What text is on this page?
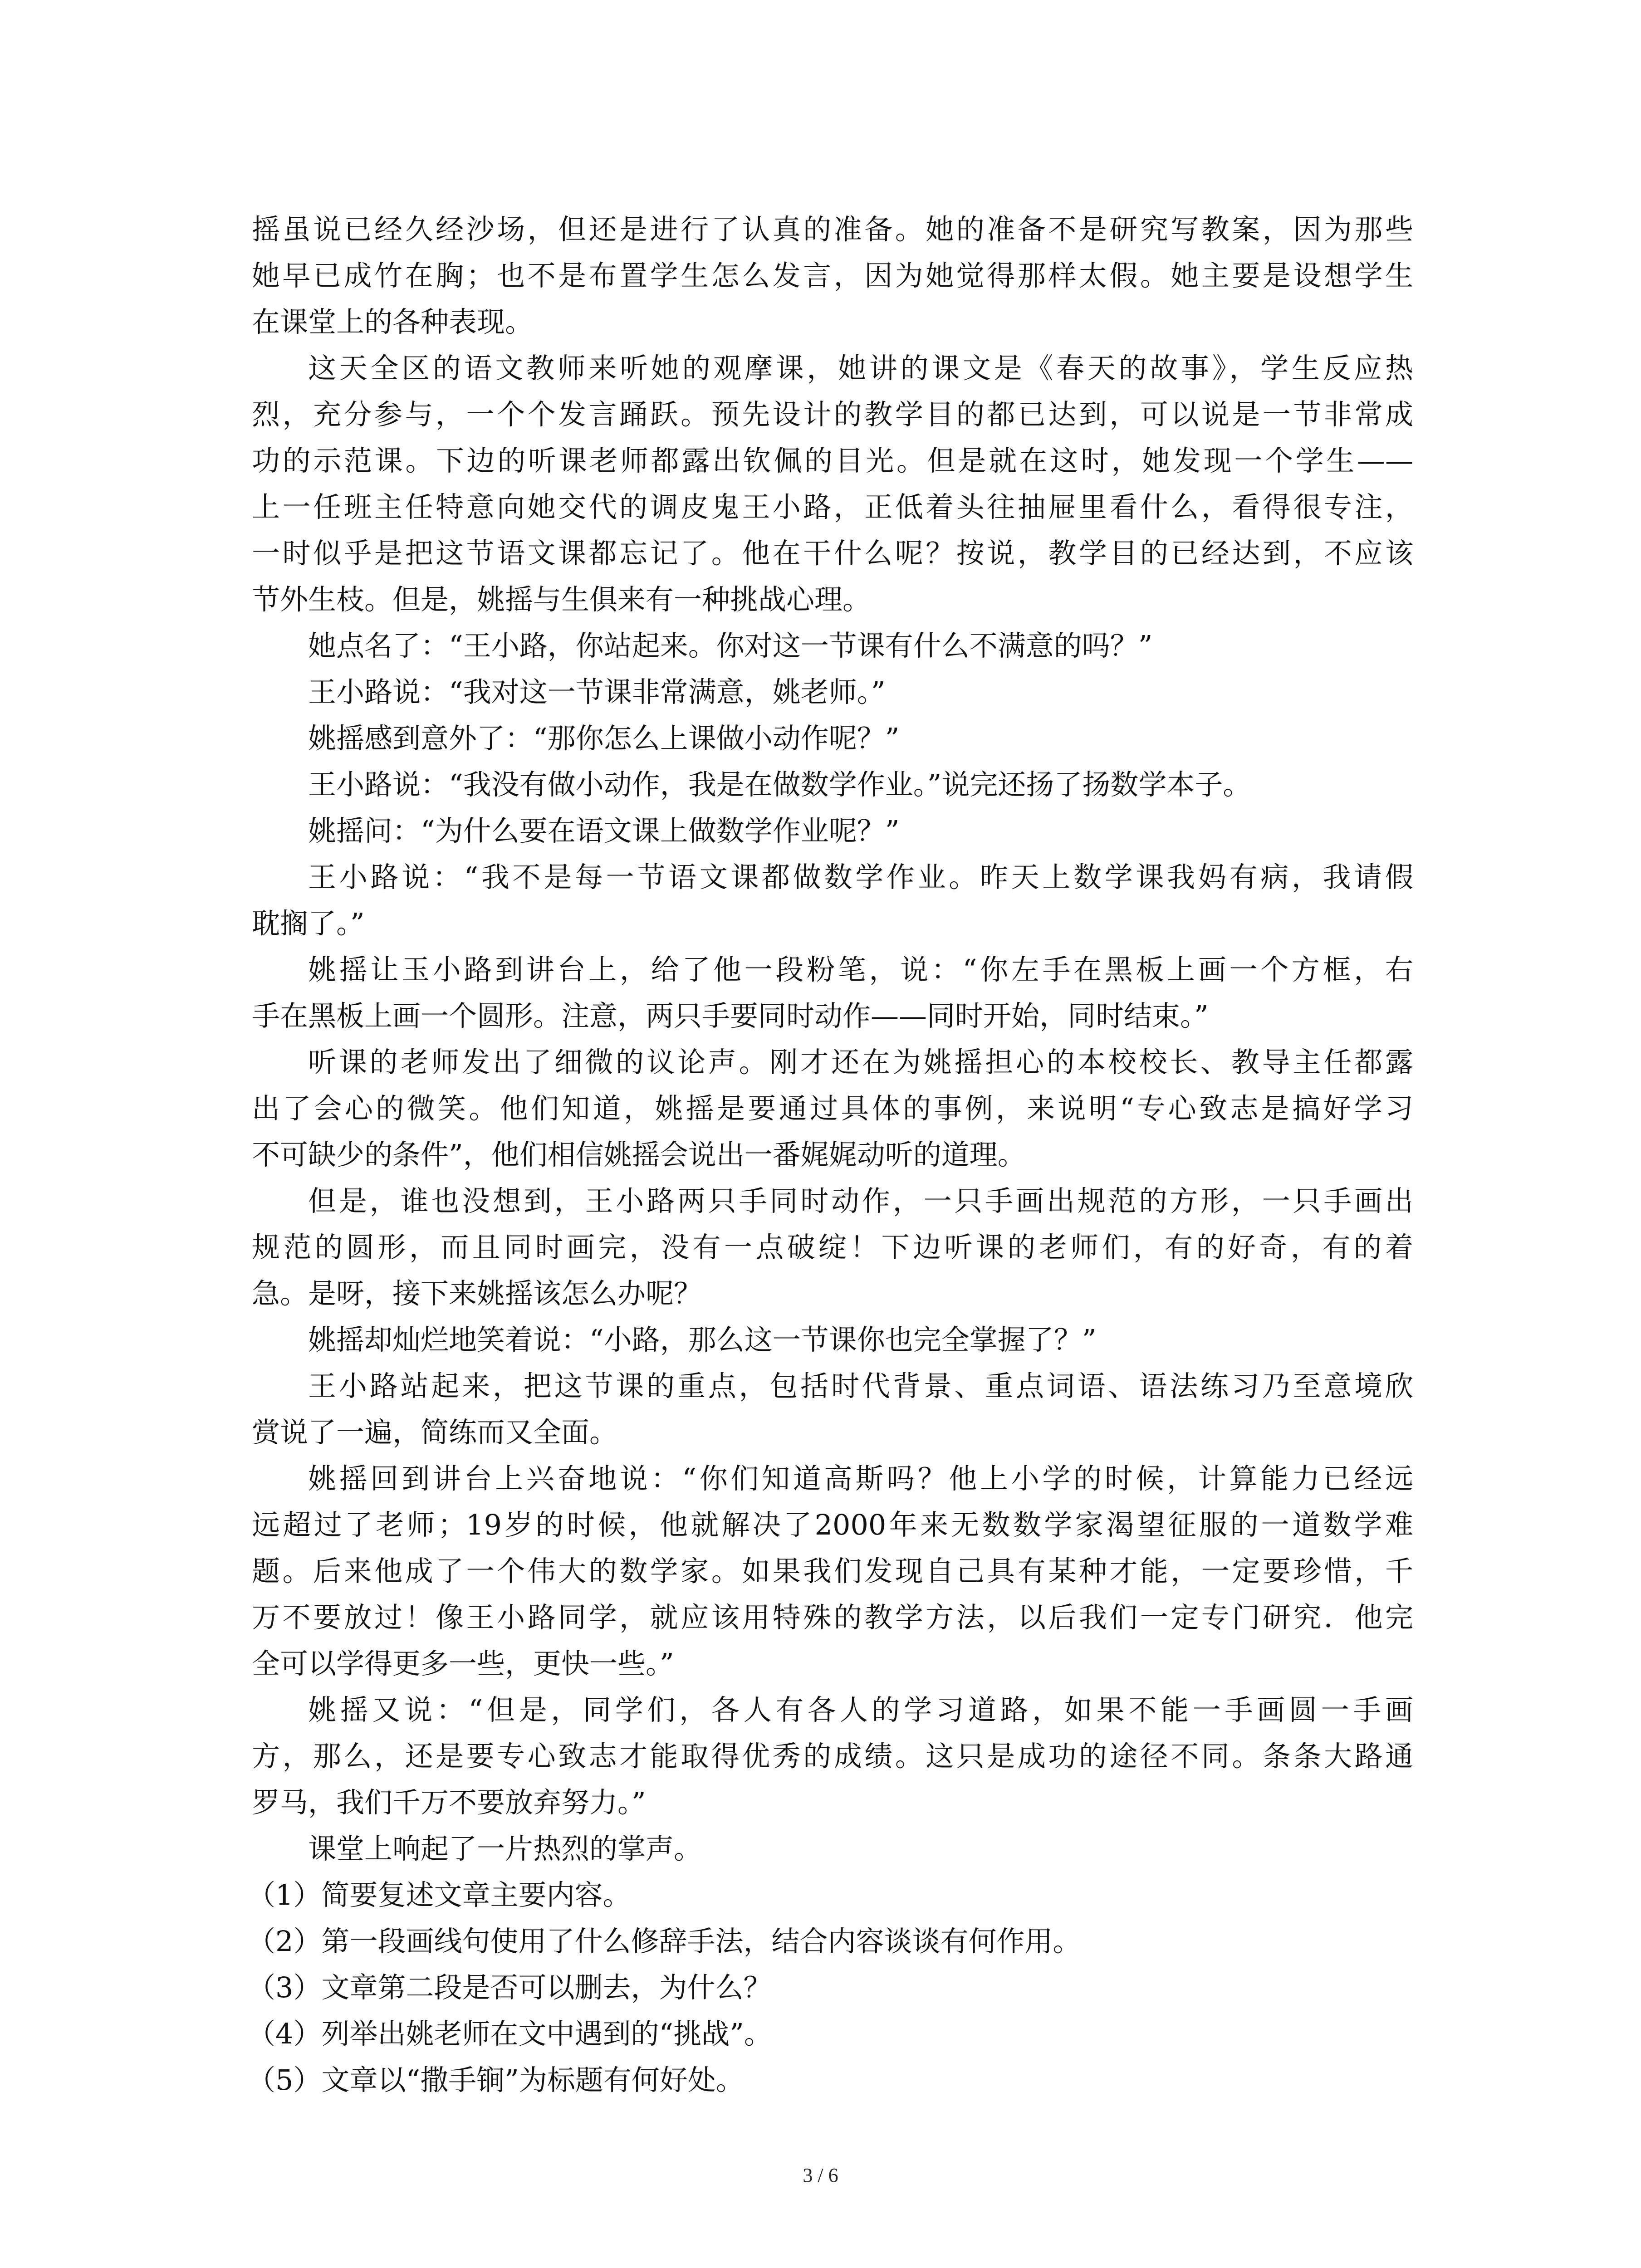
摇虽说已经久经沙场，但还是进行了认真的准备。她的准备不是研究写教案，因为那些
她早已成竹在胸；也不是布置学生怎么发言，因为她觉得那样太假。她主要是设想学生
在课堂上的各种表现。
这天全区的语文教师来听她的观摩课，她讲的课文是《春天的故事》，学生反应热
烈，充分参与，一个个发言踊跃。预先设计的教学目的都已达到，可以说是一节非常成
功的示范课。下边的听课老师都露出钦佩的目光。但是就在这时，她发现一个学生——
上一任班主任特意向她交代的调皮鬼王小路，正低着头往抽屉里看什么，看得很专注，
一时似乎是把这节语文课都忘记了。他在干什么呢？按说，教学目的已经达到，不应该
节外生枝。但是，姚摇与生俱来有一种挑战心理。
她点名了：“王小路，你站起来。你对这一节课有什么不满意的吗？”
王小路说：“我对这一节课非常满意，姚老师。”
姚摇感到意外了：“那你怎么上课做小动作呢？”
王小路说：“我没有做小动作，我是在做数学作业。”说完还扬了扬数学本子。
姚摇问：“为什么要在语文课上做数学作业呢？”
王小路说：“我不是每一节语文课都做数学作业。昨天上数学课我妈有病，我请假
耽搁了。”
姚摇让玉小路到讲台上，给了他一段粉笔，说：“你左手在黑板上画一个方框，右
手在黑板上画一个圆形。注意，两只手要同时动作——同时开始，同时结束。”
听课的老师发出了细微的议论声。刚才还在为姚摇担心的本校校长、教导主任都露
出了会心的微笑。他们知道，姚摇是要通过具体的事例，来说明“专心致志是搞好学习
不可缺少的条件”，他们相信姚摇会说出一番娓娓动听的道理。
但是，谁也没想到，王小路两只手同时动作，一只手画出规范的方形，一只手画出
规范的圆形，而且同时画完，没有一点破绽！下边听课的老师们，有的好奇，有的着
急。是呀，接下来姚摇该怎么办呢？
姚摇却灿烂地笑着说：“小路，那么这一节课你也完全掌握了？”
王小路站起来，把这节课的重点，包括时代背景、重点词语、语法练习乃至意境欣
赏说了一遍，简练而又全面。
姚摇回到讲台上兴奋地说：“你们知道高斯吗？他上小学的时候，计算能力已经远
远超过了老师；19岁的时候，他就解决了2000年来无数数学家渴望征服的一道数学难
题。后来他成了一个伟大的数学家。如果我们发现自己具有某种才能，一定要珍惜，千
万不要放过！像王小路同学，就应该用特殊的教学方法，以后我们一定专门研究．他完
全可以学得更多一些，更快一些。”
姚摇又说：“但是，同学们，各人有各人的学习道路，如果不能一手画圆一手画
方，那么，还是要专心致志才能取得优秀的成绩。这只是成功的途径不同。条条大路通
罗马，我们千万不要放弃努力。”
课堂上响起了一片热烈的掌声。
（1）简要复述文章主要内容。
（2）第一段画线句使用了什么修辞手法，结合内容谈谈有何作用。
（3）文章第二段是否可以删去，为什么？
（4）列举出姚老师在文中遇到的“挑战”。
（5）文章以“撒手锏”为标题有何好处。
3 / 6
